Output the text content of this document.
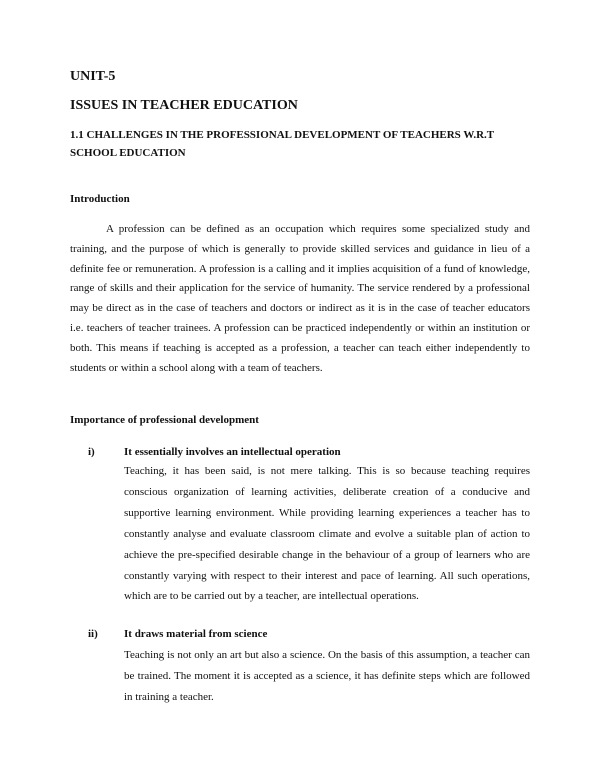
UNIT-5
ISSUES IN TEACHER EDUCATION
1.1 CHALLENGES IN THE PROFESSIONAL DEVELOPMENT OF TEACHERS W.R.T SCHOOL EDUCATION
Introduction
A profession can be defined as an occupation which requires some specialized study and training, and the purpose of which is generally to provide skilled services and guidance in lieu of a definite fee or remuneration. A profession is a calling and it implies acquisition of a fund of knowledge, range of skills and their application for the service of humanity. The service rendered by a professional may be direct as in the case of teachers and doctors or indirect as it is in the case of teacher educators i.e. teachers of teacher trainees. A profession can be practiced independently or within an institution or both. This means if teaching is accepted as a profession, a teacher can teach either independently to students or within a school along with a team of teachers.
Importance of professional development
i)	It essentially involves an intellectual operation
Teaching, it has been said, is not mere talking. This is so because teaching requires conscious organization of learning activities, deliberate creation of a conducive and supportive learning environment. While providing learning experiences a teacher has to constantly analyse and evaluate classroom climate and evolve a suitable plan of action to achieve the pre-specified desirable change in the behaviour of a group of learners who are constantly varying with respect to their interest and pace of learning. All such operations, which are to be carried out by a teacher, are intellectual operations.
ii) It draws material from science
Teaching is not only an art but also a science. On the basis of this assumption, a teacher can be trained. The moment it is accepted as a science, it has definite steps which are followed in training a teacher.
